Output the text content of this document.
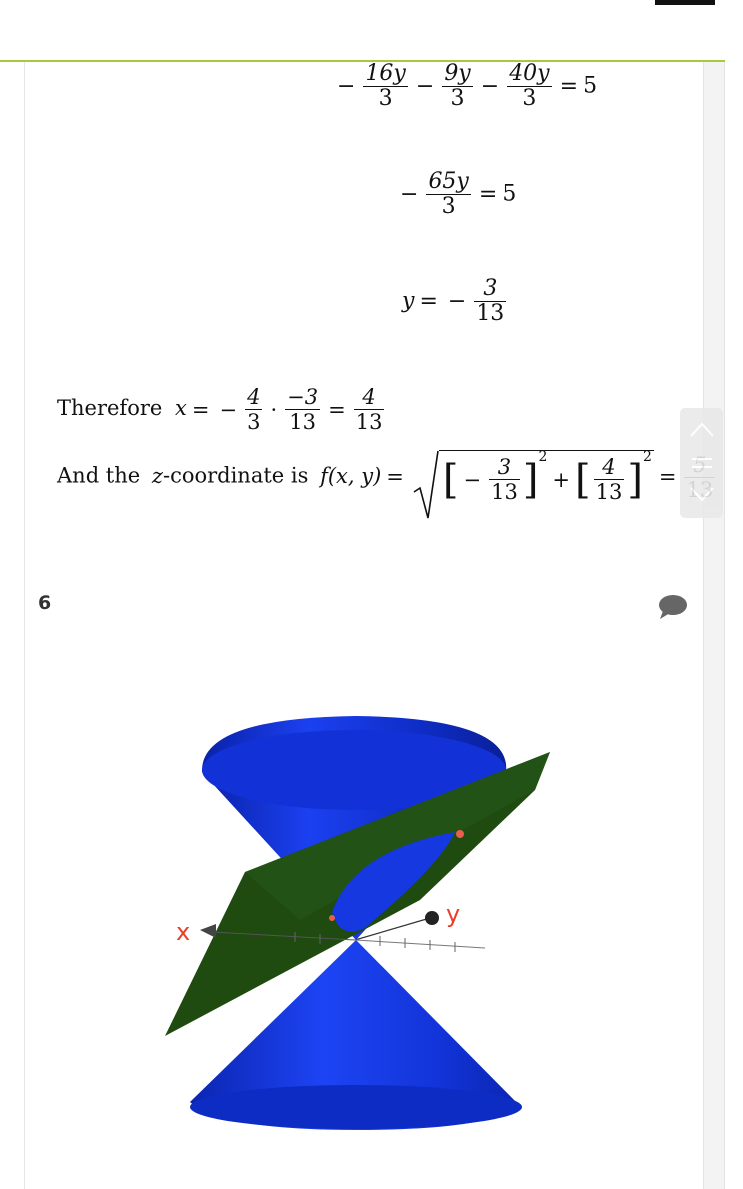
− $\frac{16y}{3} - \frac{9y}{3} - \frac{40y}{3} = 5$
− $\frac{65y}{3} = 5$
y = − $\frac{3}{13}$
Therefore x = − $\frac{4}{3} \cdot \frac{-3}{13} = \frac{4}{13}$
And the z-coordinate is f(x, y) = [ − $\frac{3}{13} ]2+$ [ $\frac{4}{13} ]2=$
6
x
y
